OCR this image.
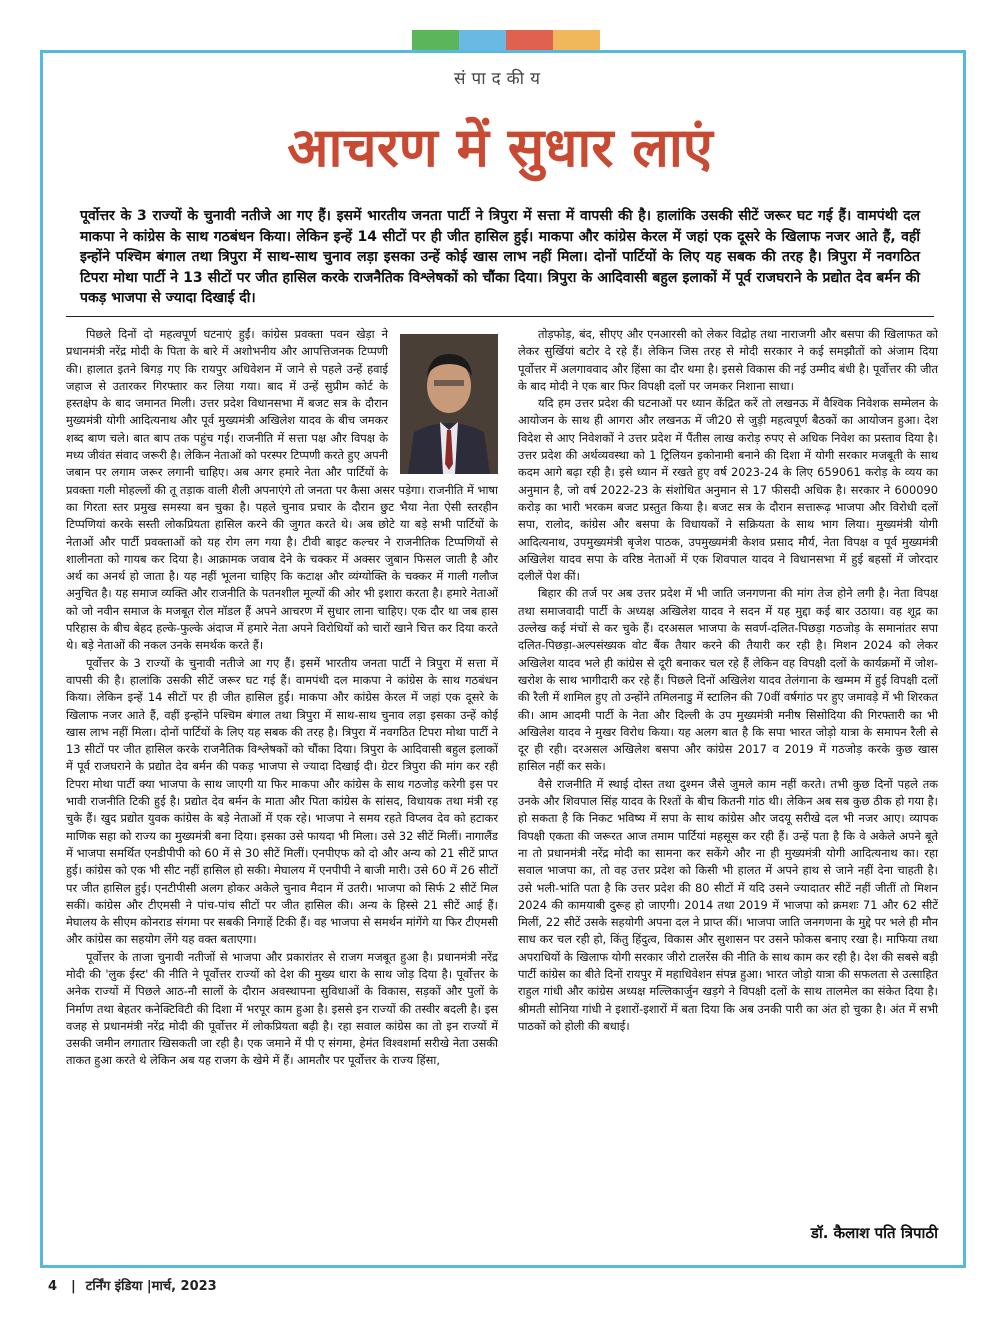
संपादकीय
आचरण में सुधार लाएं

पूर्वोत्तर के 3 राज्यों के चुनावी नतीजे आ गए हैं। इसमें भारतीय जनता पार्टी ने त्रिपुरा में सत्ता में वापसी की है। हालांकि उसकी सीटें जरूर घट गई हैं। वामपंथी दल माकपा ने कांग्रेस के साथ गठबंधन किया। लेकिन इन्हें 14 सीटों पर ही जीत हासिल हुई। माकपा और कांग्रेस केरल में जहां एक दूसरे के खिलाफ नजर आते हैं, वहीं इन्होंने पश्चिम बंगाल तथा त्रिपुरा में साथ-साथ चुनाव लड़ा इसका उन्हें कोई खास लाभ नहीं मिला। दोनों पार्टियों के लिए यह सबक की तरह है। त्रिपुरा में नवगठित टिपरा मोथा पार्टी ने 13 सीटों पर जीत हासिल करके राजनैतिक विश्लेषकों को चौंका दिया। त्रिपुरा के आदिवासी बहुल इलाकों में पूर्व राजघराने के प्रद्योत देव बर्मन की पकड़ भाजपा से ज्यादा दिखाई दी।

पिछले दिनों दो महत्वपूर्ण घटनाएं हुईं। कांग्रेस प्रवक्ता पवन खेड़ा ने प्रधानमंत्री नरेंद्र मोदी के पिता के बारे में अशोभनीय और आपत्तिजनक टिप्पणी की। हालात इतने बिगड़ गए कि रायपुर अधिवेशन में जाने से पहले उन्हें हवाई जहाज से उतारकर गिरफ्तार कर लिया गया। बाद में उन्हें सुप्रीम कोर्ट के हस्तक्षेप के बाद जमानत मिली। उत्तर प्रदेश विधानसभा में बजट सत्र के दौरान मुख्यमंत्री योगी आदित्यनाथ और पूर्व मुख्यमंत्री अखिलेश यादव के बीच जमकर शब्द बाण चले। बात बाप तक पहुंच गई। राजनीति में सत्ता पक्ष और विपक्ष के मध्य जीवंत संवाद जरूरी है। लेकिन नेताओं को परस्पर टिप्पणी करते हुए अपनी जबान पर लगाम जरूर लगानी चाहिए। अब अगर हमारे नेता और पार्टियों के प्रवक्ता गली मोहल्लों की तू तड़ाक वाली शैली अपनाएंगे तो जनता पर कैसा असर पड़ेगा। राजनीति में भाषा का गिरता स्तर प्रमुख समस्या बन चुका है। पहले चुनाव प्रचार के दौरान छुट भैया नेता ऐसी स्तरहीन टिप्पणियां करके सस्ती लोकप्रियता हासिल करने की जुगत करते थे। अब छोटे या बड़े सभी पार्टियों के नेताओं और पार्टी प्रवक्ताओं को यह रोग लग गया है। टीवी बाइट कल्चर ने राजनीतिक टिप्पणियों से शालीनता को गायब कर दिया है। आक्रामक जवाब देने के चक्कर में अक्सर जुबान फिसल जाती है और अर्थ का अनर्थ हो जाता है। यह नहीं भूलना चाहिए कि कटाक्ष और व्यंग्योक्ति के चक्कर में गाली गलौज अनुचित है। यह समाज व्यक्ति और राजनीति के पतनशील मूल्यों की ओर भी इशारा करता है। हमारे नेताओं को जो नवीन समाज के मजबूत रोल मॉडल हैं अपने आचरण में सुधार लाना चाहिए। एक दौर था जब हास परिहास के बीच बेहद हल्के-फुल्के अंदाज में हमारे नेता अपने विरोधियों को चारों खाने चित्त कर दिया करते थे। बड़े नेताओं की नकल उनके समर्थक करते हैं।

पूर्वोत्तर के 3 राज्यों के चुनावी नतीजे आ गए हैं। इसमें भारतीय जनता पार्टी ने त्रिपुरा में सत्ता में वापसी की है। हालांकि उसकी सीटें जरूर घट गई हैं। वामपंथी दल माकपा ने कांग्रेस के साथ गठबंधन किया। लेकिन इन्हें 14 सीटों पर ही जीत हासिल हुई। माकपा और कांग्रेस केरल में जहां एक दूसरे के खिलाफ नजर आते हैं, वहीं इन्होंने पश्चिम बंगाल तथा त्रिपुरा में साथ-साथ चुनाव लड़ा इसका उन्हें कोई खास लाभ नहीं मिला। दोनों पार्टियों के लिए यह सबक की तरह है। त्रिपुरा में नवगठित टिपरा मोथा पार्टी ने 13 सीटों पर जीत हासिल करके राजनैतिक विश्लेषकों को चौंका दिया। त्रिपुरा के आदिवासी बहुल इलाकों में पूर्व राजघराने के प्रद्योत देव बर्मन की पकड़ भाजपा से ज्यादा दिखाई दी। ग्रेटर त्रिपुरा की मांग कर रही टिपरा मोथा पार्टी क्या भाजपा के साथ जाएगी या फिर माकपा और कांग्रेस के साथ गठजोड़ करेगी इस पर भावी राजनीति टिकी हुई है। प्रद्योत देव बर्मन के माता और पिता कांग्रेस के सांसद, विधायक तथा मंत्री रह चुके हैं। खुद प्रद्योत युवक कांग्रेस के बड़े नेताओं में एक रहे। भाजपा ने समय रहते विप्लव देव को हटाकर माणिक सहा को राज्य का मुख्यमंत्री बना दिया। इसका उसे फायदा भी मिला। उसे 32 सीटें मिलीं। नागालैंड में भाजपा समर्थित एनडीपीपी को 60 में से 30 सीटें मिलीं। एनपीएफ को दो और अन्य को 21 सीटें प्राप्त हुई। कांग्रेस को एक भी सीट नहीं हासिल हो सकी। मेघालय में एनपीपी ने बाजी मारी। उसे 60 में 26 सीटों पर जीत हासिल हुई। एनटीपीसी अलग होकर अकेले चुनाव मैदान में उतरी। भाजपा को सिर्फ 2 सीटें मिल सकीं। कांग्रेस और टीएमसी ने पांच-पांच सीटों पर जीत हासिल की। अन्य के हिस्से 21 सीटें आई हैं। मेघालय के सीएम कोनराड संगमा पर सबकी निगाहें टिकी हैं। वह भाजपा से समर्थन मांगेंगे या फिर टीएमसी और कांग्रेस का सहयोग लेंगे यह वक्त बताएगा।

पूर्वोत्तर के ताजा चुनावी नतीजों से भाजपा और प्रकारांतर से राजग मजबूत हुआ है। प्रधानमंत्री नरेंद्र मोदी की 'लुक ईस्ट' की नीति ने पूर्वोत्तर राज्यों को देश की मुख्य धारा के साथ जोड़ दिया है। पूर्वोत्तर के अनेक राज्यों में पिछले आठ-नौ सालों के दौरान अवस्थापना सुविधाओं के विकास, सड़कों और पुलों के निर्माण तथा बेहतर कनेक्टिविटी की दिशा में भरपूर काम हुआ है। इससे इन राज्यों की तस्वीर बदली है। इस वजह से प्रधानमंत्री नरेंद्र मोदी की पूर्वोत्तर में लोकप्रियता बढ़ी है। रहा सवाल कांग्रेस का तो इन राज्यों में उसकी जमीन लगातार खिसकती जा रही है। एक जमाने में पी ए संगमा, हेमंत विश्वशर्मा सरीखे नेता उसकी ताकत हुआ करते थे लेकिन अब यह राजग के खेमे में हैं। आमतौर पर पूर्वोत्तर के राज्य हिंसा,

तोड़फोड़, बंद, सीएए और एनआरसी को लेकर विद्रोह तथा नाराजगी और बसपा की खिलाफत को लेकर सुर्खियां बटोर दे रहे हैं। लेकिन जिस तरह से मोदी सरकार ने कई समझौतों को अंजाम दिया पूर्वोत्तर में अलगाववाद और हिंसा का दौर थमा है। इससे विकास की नई उम्मीद बंधी है। पूर्वोत्तर की जीत के बाद मोदी ने एक बार फिर विपक्षी दलों पर जमकर निशाना साधा।

यदि हम उत्तर प्रदेश की घटनाओं पर ध्यान केंद्रित करें तो लखनऊ में वैश्विक निवेशक सम्मेलन के आयोजन के साथ ही आगरा और लखनऊ में जी20 से जुड़ी महत्वपूर्ण बैठकों का आयोजन हुआ। देश विदेश से आए निवेशकों ने उत्तर प्रदेश में पैंतीस लाख करोड़ रुपए से अधिक निवेश का प्रस्ताव दिया है। उत्तर प्रदेश की अर्थव्यवस्था को 1 ट्रिलियन इकोनामी बनाने की दिशा में योगी सरकार मजबूती के साथ कदम आगे बढ़ा रही है। इसे ध्यान में रखते हुए वर्ष 2023-24 के लिए 659061 करोड़ के व्यय का अनुमान है, जो वर्ष 2022-23 के संशोधित अनुमान से 17 फीसदी अधिक है। सरकार ने 600090 करोड़ का भारी भरकम बजट प्रस्तुत किया है। बजट सत्र के दौरान सत्तारूढ़ भाजपा और विरोधी दलों सपा, रालोद, कांग्रेस और बसपा के विधायकों ने सक्रियता के साथ भाग लिया। मुख्यमंत्री योगी आदित्यनाथ, उपमुख्यमंत्री बृजेश पाठक, उपमुख्यमंत्री केशव प्रसाद मौर्य, नेता विपक्ष व पूर्व मुख्यमंत्री अखिलेश यादव सपा के वरिष्ठ नेताओं में एक शिवपाल यादव ने विधानसभा में हुई बहसों में जोरदार दलीलें पेश कीं।

बिहार की तर्ज पर अब उत्तर प्रदेश में भी जाति जनगणना की मांग तेज होने लगी है। नेता विपक्ष तथा समाजवादी पार्टी के अध्यक्ष अखिलेश यादव ने सदन में यह मुद्दा कई बार उठाया। वह शूद्र का उल्लेख कई मंचों से कर चुके हैं। दरअसल भाजपा के सवर्ण-दलित-पिछड़ा गठजोड़ के समानांतर सपा दलित-पिछड़ा-अल्पसंख्यक वोट बैंक तैयार करने की तैयारी कर रही है। मिशन 2024 को लेकर अखिलेश यादव भले ही कांग्रेस से दूरी बनाकर चल रहे हैं लेकिन वह विपक्षी दलों के कार्यक्रमों में जोश-खरोश के साथ भागीदारी कर रहे हैं। पिछले दिनों अखिलेश यादव तेलंगाना के खम्मम में हुई विपक्षी दलों की रैली में शामिल हुए तो उन्होंने तमिलनाडु में स्टालिन की 70वीं वर्षगांठ पर हुए जमावड़े में भी शिरकत की। आम आदमी पार्टी के नेता और दिल्ली के उप मुख्यमंत्री मनीष सिसोदिया की गिरफ्तारी का भी अखिलेश यादव ने मुखर विरोध किया। यह अलग बात है कि सपा भारत जोड़ो यात्रा के समापन रैली से दूर ही रही। दरअसल अखिलेश बसपा और कांग्रेस 2017 व 2019 में गठजोड़ करके कुछ खास हासिल नहीं कर सके।

वैसे राजनीति में स्थाई दोस्त तथा दुश्मन जैसे जुमले काम नहीं करते। तभी कुछ दिनों पहले तक उनके और शिवपाल सिंह यादव के रिश्तों के बीच कितनी गांठ थी। लेकिन अब सब कुछ ठीक हो गया है। हो सकता है कि निकट भविष्य में सपा के साथ कांग्रेस और जदयू सरीखे दल भी नजर आए। व्यापक विपक्षी एकता की जरूरत आज तमाम पार्टियां महसूस कर रही हैं। उन्हें पता है कि वे अकेले अपने बूते ना तो प्रधानमंत्री नरेंद्र मोदी का सामना कर सकेंगे और ना ही मुख्यमंत्री योगी आदित्यनाथ का। रहा सवाल भाजपा का, तो वह उत्तर प्रदेश को किसी भी हालत में अपने हाथ से जाने नहीं देना चाहती है। उसे भली-भांति पता है कि उत्तर प्रदेश की 80 सीटों में यदि उसने ज्यादातर सीटें नहीं जीतीं तो मिशन 2024 की कामयाबी दुरूह हो जाएगी। 2014 तथा 2019 में भाजपा को क्रमशः 71 और 62 सीटें मिलीं, 22 सीटें उसके सहयोगी अपना दल ने प्राप्त कीं। भाजपा जाति जनगणना के मुद्दे पर भले ही मौन साध कर चल रही हो, किंतु हिंदुत्व, विकास और सुशासन पर उसने फोकस बनाए रखा है। माफिया तथा अपराधियों के खिलाफ योगी सरकार जीरो टालरेंस की नीति के साथ काम कर रही है। देश की सबसे बड़ी पार्टी कांग्रेस का बीते दिनों रायपुर में महाधिवेशन संपन्न हुआ। भारत जोड़ो यात्रा की सफलता से उत्साहित राहुल गांधी और कांग्रेस अध्यक्ष मल्लिकार्जुन खड़गे ने विपक्षी दलों के साथ तालमेल का संकेत दिया है। श्रीमती सोनिया गांधी ने इशारों-इशारों में बता दिया कि अब उनकी पारी का अंत हो चुका है। अंत में सभी पाठकों को होली की बधाई।

डॉ. कैलाश पति त्रिपाठी
4 | टर्निंग इंडिया |मार्च, 2023
